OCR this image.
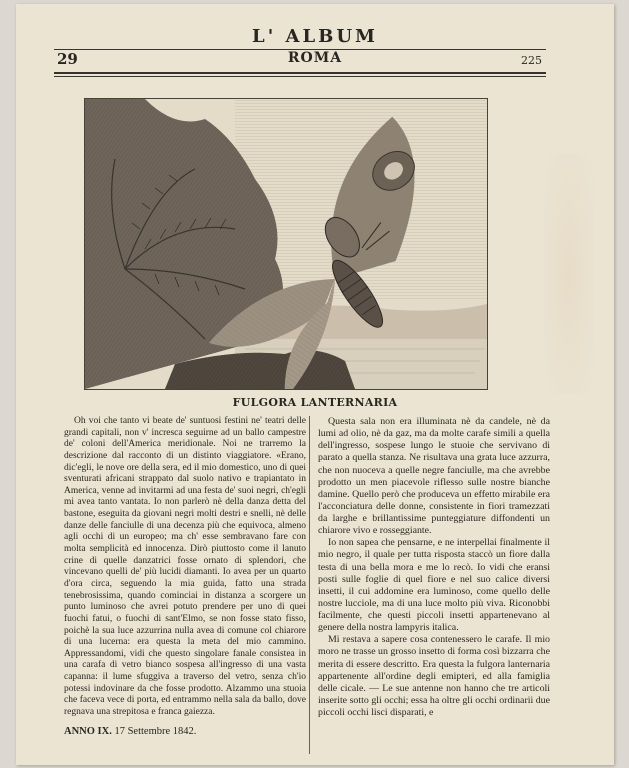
L' ALBUM
29	ROMA	225
FULGORA LANTERNARIA

Oh voi che tanto vi beate de' suntuosi festini ne' teatri delle grandi capitali, non v' incresca seguirne ad un ballo campestre de' coloni dell'America meridionale. Noi ne trarremo la descrizione dal racconto di un distinto viaggiatore. «Erano, dic'egli, le nove ore della sera, ed il mio domestico, uno di quei sventurati africani strappato dal suolo nativo e trapiantato in America, venne ad invitarmi ad una festa de' suoi negri, ch'egli mi avea tanto vantata. Io non parlerò nè della danza detta del bastone, eseguita da giovani negri molti destri e snelli, nè delle danze delle fanciulle di una decenza più che equivoca, almeno agli occhi di un europeo; ma ch' esse sembravano fare con molta semplicità ed innocenza. Dirò piuttosto come il lanuto crine di quelle danzatrici fosse ornato di splendori, che vincevano quelli de' più lucidi diamanti. Io avea per un quarto d'ora circa, seguendo la mia guida, fatto una strada tenebrosissima, quando cominciai in distanza a scorgere un punto luminoso che avrei potuto prendere per uno di quei fuochi fatui, o fuochi di sant'Elmo, se non fosse stato fisso, poichè la sua luce azzurrina nulla avea di comune col chiarore di una lucerna: era questa la meta del mio cammino. Appressandomi, vidi che questo singolare fanale consistea in una carafa di vetro bianco sospesa all'ingresso di una vasta capanna: il lume sfuggiva a traverso del vetro, senza ch'io potessi indovinare da che fosse prodotto. Alzammo una stuoia che faceva vece di porta, ed entrammo nella sala da ballo, dove regnava una strepitosa e franca gaiezza.

Questa sala non era illuminata nè da candele, nè da lumi ad olio, nè da gaz, ma da molte carafe simili a quella dell'ingresso, sospese lungo le stuoie che servivano di parato a quella stanza. Ne risultava una grata luce azzurra, che non nuoceva a quelle negre fanciulle, ma che avrebbe prodotto un men piacevole riflesso sulle nostre bianche damine. Quello però che produceva un effetto mirabile era l'acconciatura delle donne, consistente in fiori tramezzati da larghe e brillantissime punteggiature diffondenti un chiarore vivo e rosseggiante.

Io non sapea che pensarne, e ne interpellai finalmente il mio negro, il quale per tutta risposta staccò un fiore dalla testa di una bella mora e me lo recò. Io vidi che eransi posti sulle foglie di quel fiore e nel suo calice diversi insetti, il cui addomine era luminoso, come quello delle nostre lucciole, ma di una luce molto più viva. Riconobbi facilmente, che questi piccoli insetti appartenevano al genere della nostra lampyris italica.

Mi restava a sapere cosa contenessero le carafe. Il mio moro ne trasse un grosso insetto di forma così bizzarra che merita di essere descritto. Era questa la fulgora lanternaria appartenente all'ordine degli emipteri, ed alla famiglia delle cicale. — Le sue antenne non hanno che tre articoli inserite sotto gli occhi; essa ha oltre gli occhi ordinarii due piccoli occhi lisci disparati, e

ANNO IX. 17 Settembre 1842.
